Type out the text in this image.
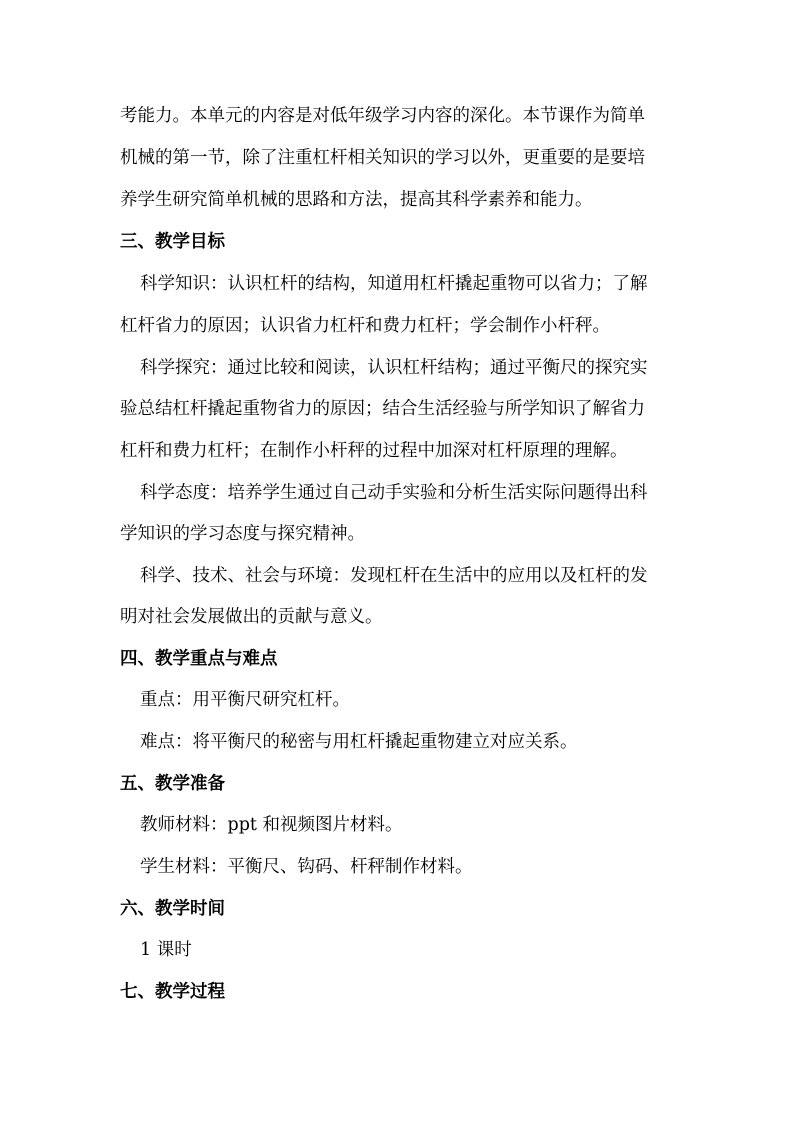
考能力。本单元的内容是对低年级学习内容的深化。本节课作为简单
机械的第一节，除了注重杠杆相关知识的学习以外，更重要的是要培
养学生研究简单机械的思路和方法，提高其科学素养和能力。
三、教学目标
科学知识：认识杠杆的结构，知道用杠杆撬起重物可以省力；了解
杠杆省力的原因；认识省力杠杆和费力杠杆；学会制作小杆秤。
科学探究：通过比较和阅读，认识杠杆结构；通过平衡尺的探究实
验总结杠杆撬起重物省力的原因；结合生活经验与所学知识了解省力
杠杆和费力杠杆；在制作小杆秤的过程中加深对杠杆原理的理解。
科学态度：培养学生通过自己动手实验和分析生活实际问题得出科
学知识的学习态度与探究精神。
科学、技术、社会与环境：发现杠杆在生活中的应用以及杠杆的发
明对社会发展做出的贡献与意义。
四、教学重点与难点
重点：用平衡尺研究杠杆。
难点：将平衡尺的秘密与用杠杆撬起重物建立对应关系。
五、教学准备
教师材料：ppt 和视频图片材料。
学生材料：平衡尺、钩码、杆秤制作材料。
六、教学时间
1 课时
七、教学过程
